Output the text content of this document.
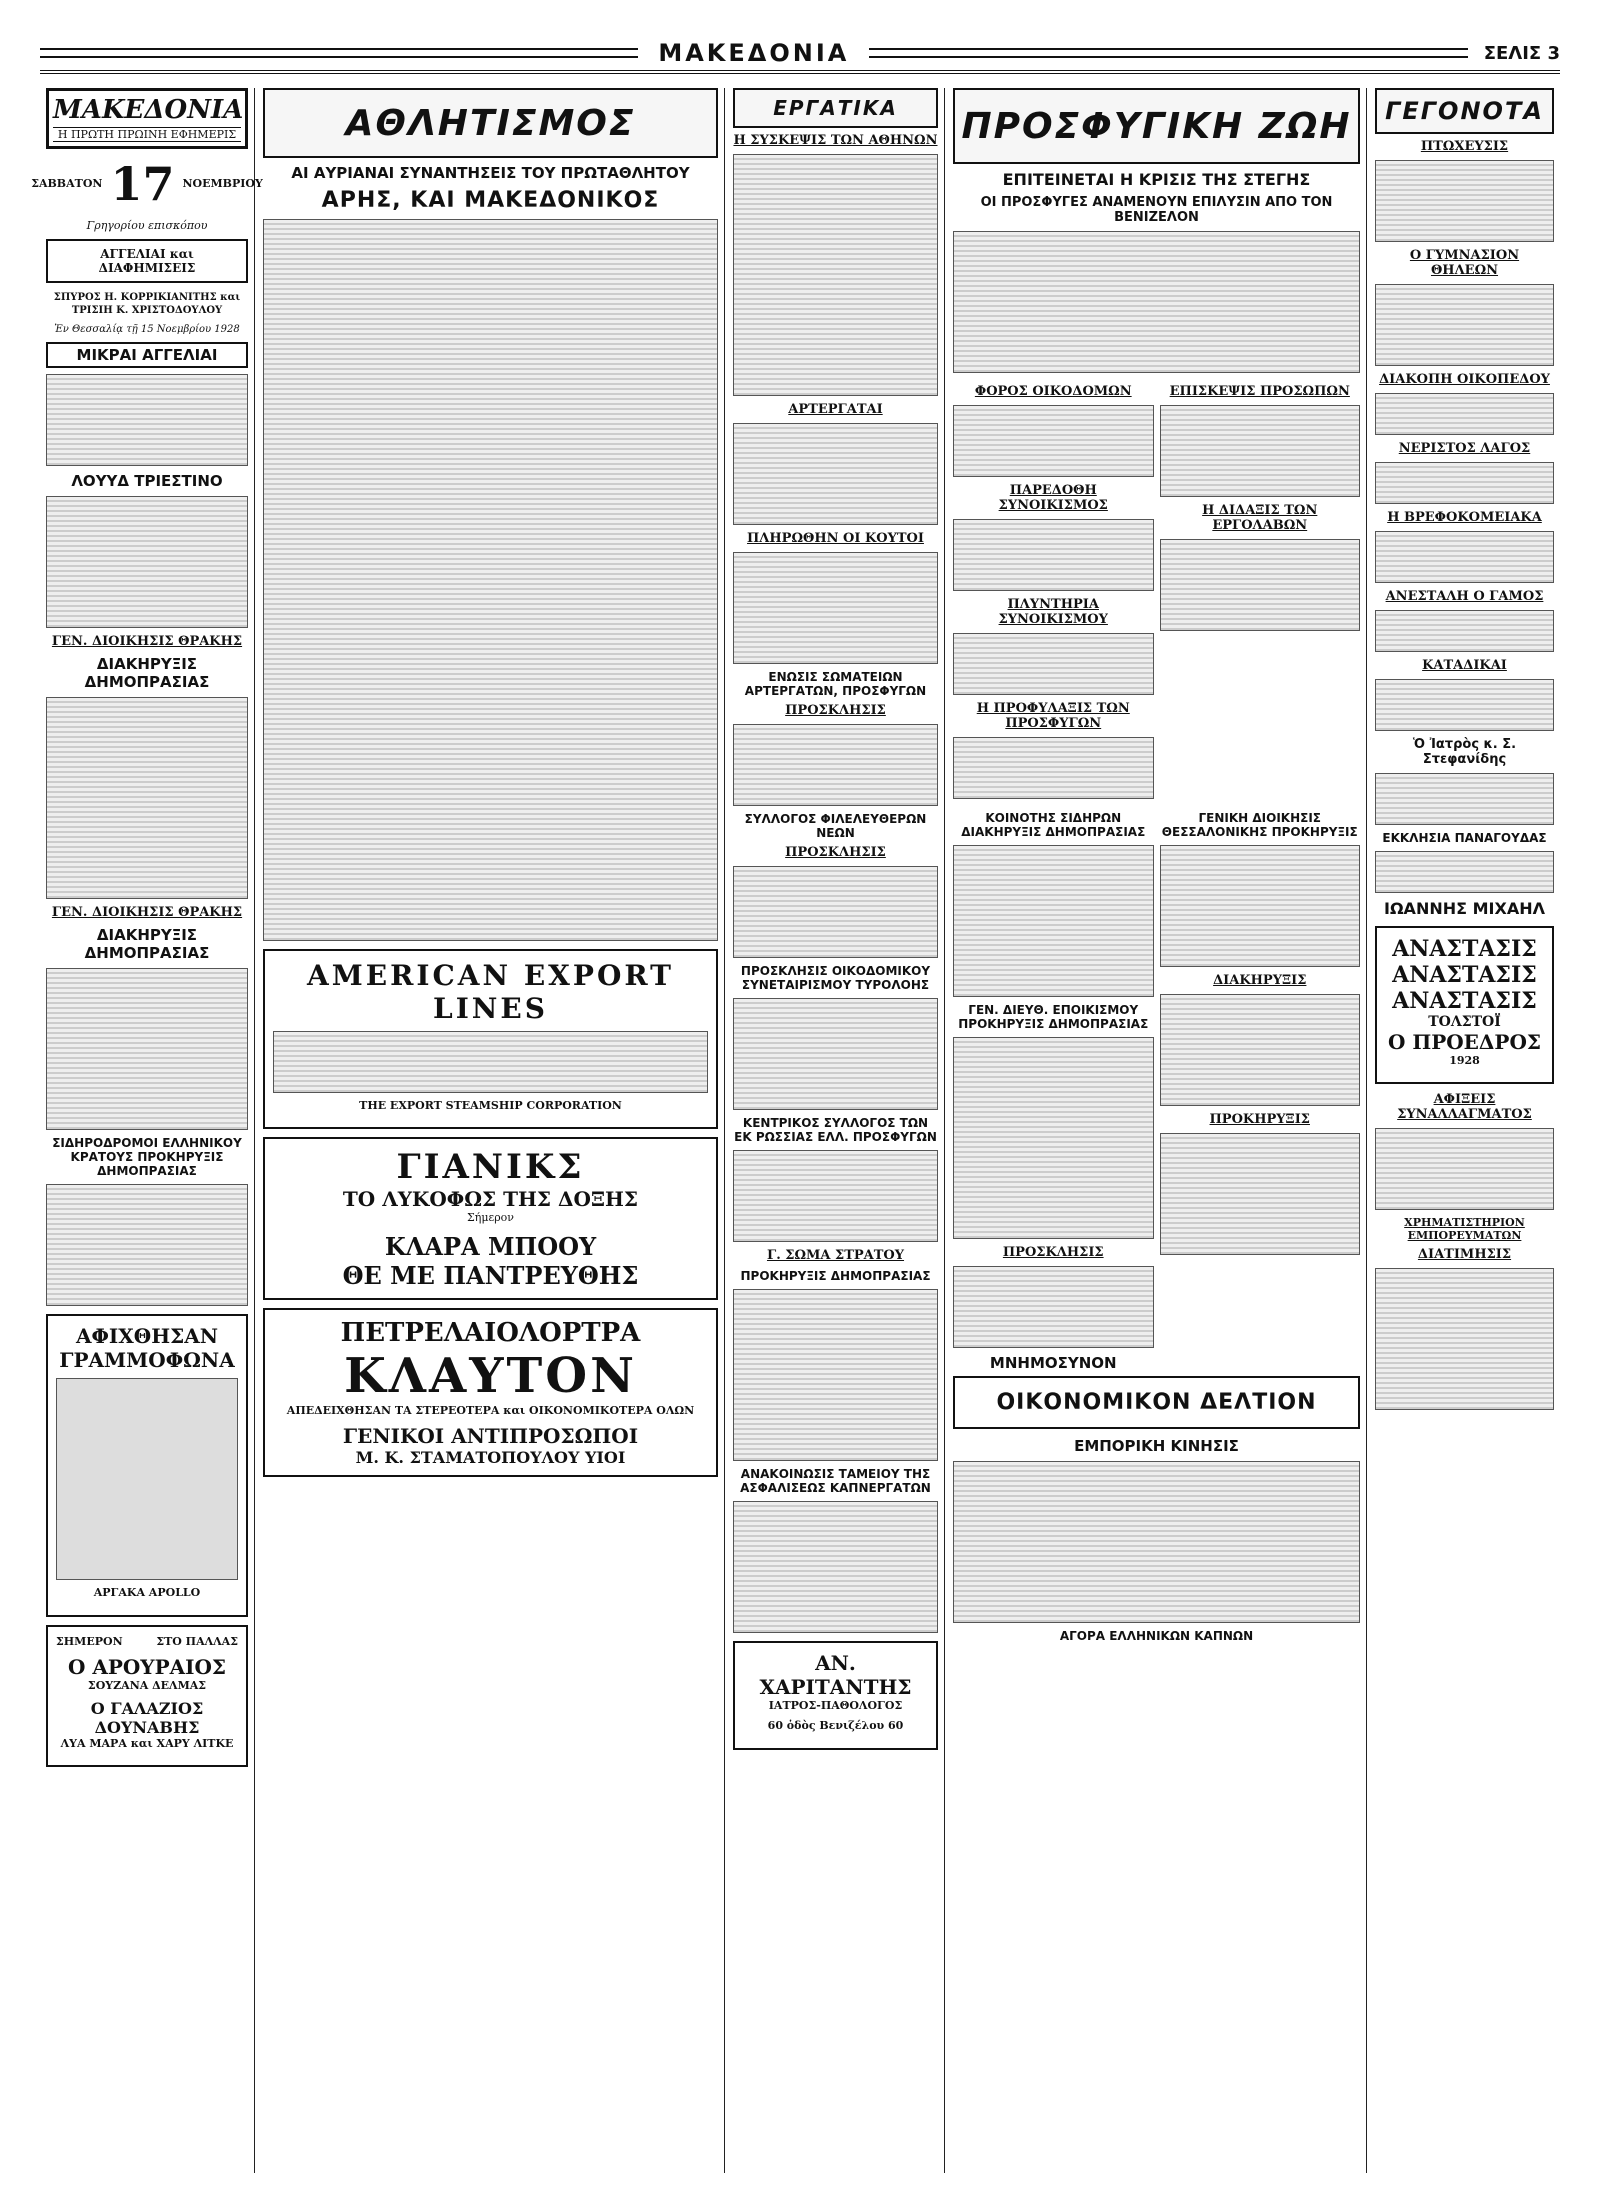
ΜΑΚΕΔΟΝΙΑ	ΣΕΛΙΣ 3
ΜΑΚΕΔΟΝΙΑ
Η ΠΡΩΤΗ ΠΡΩΙΝΗ ΕΦΗΜΕΡΙΣ
ΣΑΒΒΑΤΟΝ 17 ΝΟΕΜΒΡΙΟΥ
Γρηγορίου επισκόπου
ΑΓΓΕΛΙΑΙ και ΔΙΑΦΗΜΙΣΕΙΣ
ΣΠΥΡΟΣ Η. ΚΟΡΡΙΚΙΑΝΙΤΗΣ και ΤΡΙΣΙΗ Κ. ΧΡΙΣΤΟΔΟΥΛΟΥ
Ἐν Θεσσαλίᾳ τῇ 15 Νοεμβρίου 1928
ΜΙΚΡΑΙ ΑΓΓΕΛΙΑΙ
ΛΟΥΥΔ ΤΡΙΕΣΤΙΝΟ
ΓΕΝ. ΔΙΟΙΚΗΣΙΣ ΘΡΑΚΗΣ
ΔΙΑΚΗΡΥΞΙΣ ΔΗΜΟΠΡΑΣΙΑΣ
ΓΕΝ. ΔΙΟΙΚΗΣΙΣ ΘΡΑΚΗΣ
ΔΙΑΚΗΡΥΞΙΣ ΔΗΜΟΠΡΑΣΙΑΣ
ΣΙΔΗΡΟΔΡΟΜΟΙ ΕΛΛΗΝΙΚΟΥ ΚΡΑΤΟΥΣ ΠΡΟΚΗΡΥΞΙΣ ΔΗΜΟΠΡΑΣΙΑΣ
ΑΦΙΧΘΗΣΑΝ ΓΡΑΜΜΟΦΩΝΑ
ΑΡΓΑΚΑ APOLLO
ΣΗΜΕΡΟΝ	ΣΤΟ ΠΑΛΛΑΣ
Ο ΑΡΟΥΡΑΙΟΣ
ΣΟΥΖΑΝΑ ΔΕΛΜΑΣ
Ο ΓΑΛΑΖΙΟΣ ΔΟΥΝΑΒΗΣ
ΛΥΑ ΜΑΡΑ και ΧΑΡΥ ΛΙΤΚΕ
ΑΘΛΗΤΙΣΜΟΣ
ΑΙ ΑΥΡΙΑΝΑΙ ΣΥΝΑΝΤΗΣΕΙΣ ΤΟΥ ΠΡΩΤΑΘΛΗΤΟΥ
ΑΡΗΣ, ΚΑΙ ΜΑΚΕΔΟΝΙΚΟΣ
AMERICAN EXPORT LINES
THE EXPORT STEAMSHIP CORPORATION
ΓΙΑΝΙΚΣ
ΤΟ ΛΥΚΟΦΩΣ ΤΗΣ ΔΟΞΗΣ
Σήμερον
ΚΛΑΡΑ ΜΠΟΟΥ
ΘΕ ΜΕ ΠΑΝΤΡΕΥΘΗΣ
ΠΕΤΡΕΛΑΙΟΛΟΡΤΡΑ
ΚΛΑΥΤΟΝ
ΑΠΕΔΕΙΧΘΗΣΑΝ ΤΑ ΣΤΕΡΕΟΤΕΡΑ και ΟΙΚΟΝΟΜΙΚΟΤΕΡΑ ΟΛΩΝ
ΓΕΝΙΚΟΙ ΑΝΤΙΠΡΟΣΩΠΟΙ
Μ. Κ. ΣΤΑΜΑΤΟΠΟΥΛΟΥ ΥΙΟΙ
ΕΡΓΑΤΙΚΑ
Η ΣΥΣΚΕΨΙΣ ΤΩΝ ΑΘΗΝΩΝ
ΑΡΤΕΡΓΑΤΑΙ
ΠΛΗΡΩΘΗΝ ΟΙ ΚΟΥΤΟΙ
ΕΝΩΣΙΣ ΣΩΜΑΤΕΙΩΝ ΑΡΤΕΡΓΑΤΩΝ, ΠΡΟΣΦΥΓΩΝ
ΠΡΟΣΚΛΗΣΙΣ
ΣΥΛΛΟΓΟΣ ΦΙΛΕΛΕΥΘΕΡΩΝ ΝΕΩΝ
ΠΡΟΣΚΛΗΣΙΣ
ΠΡΟΣΚΛΗΣΙΣ ΟΙΚΟΔΟΜΙΚΟΥ ΣΥΝΕΤΑΙΡΙΣΜΟΥ ΤΥΡΟΛΟΗΣ
ΚΕΝΤΡΙΚΟΣ ΣΥΛΛΟΓΟΣ ΤΩΝ ΕΚ ΡΩΣΣΙΑΣ ΕΛΛ. ΠΡΟΣΦΥΓΩΝ
Γ. ΣΩΜΑ ΣΤΡΑΤΟΥ
ΠΡΟΚΗΡΥΞΙΣ ΔΗΜΟΠΡΑΣΙΑΣ
ΑΝΑΚΟΙΝΩΣΙΣ ΤΑΜΕΙΟΥ ΤΗΣ ΑΣΦΑΛΙΣΕΩΣ ΚΑΠΝΕΡΓΑΤΩΝ
ΑΝ. ΧΑΡΙΤΑΝΤΗΣ
ΙΑΤΡΟΣ-ΠΑΘΟΛΟΓΟΣ
60 ὁδὸς Βενιζέλου 60
ΠΡΟΣΦΥΓΙΚΗ ΖΩΗ
ΕΠΙΤΕΙΝΕΤΑΙ Η ΚΡΙΣΙΣ ΤΗΣ ΣΤΕΓΗΣ
ΟΙ ΠΡΟΣΦΥΓΕΣ ΑΝΑΜΕΝΟΥΝ ΕΠΙΛΥΣΙΝ ΑΠΟ ΤΟΝ ΒΕΝΙΖΕΛΟΝ
ΦΟΡΟΣ ΟΙΚΟΔΟΜΩΝ
ΠΑΡΕΔΟΘΗ ΣΥΝΟΙΚΙΣΜΟΣ
ΠΛΥΝΤΗΡΙΑ ΣΥΝΟΙΚΙΣΜΟΥ
Η ΠΡΟΦΥΛΑΞΙΣ ΤΩΝ ΠΡΟΣΦΥΓΩΝ
ΕΠΙΣΚΕΨΙΣ ΠΡΟΣΩΠΩΝ
Η ΔΙΔΑΞΙΣ ΤΩΝ ΕΡΓΟΛΑΒΩΝ
ΚΟΙΝΟΤΗΣ ΣΙΔΗΡΩΝ ΔΙΑΚΗΡΥΞΙΣ ΔΗΜΟΠΡΑΣΙΑΣ
ΓΕΝ. ΔΙΕΥΘ. ΕΠΟΙΚΙΣΜΟΥ ΠΡΟΚΗΡΥΞΙΣ ΔΗΜΟΠΡΑΣΙΑΣ
ΠΡΟΣΚΛΗΣΙΣ
ΜΝΗΜΟΣΥΝΟΝ
ΓΕΝΙΚΗ ΔΙΟΙΚΗΣΙΣ ΘΕΣΣΑΛΟΝΙΚΗΣ ΠΡΟΚΗΡΥΞΙΣ
ΔΙΑΚΗΡΥΞΙΣ
ΠΡΟΚΗΡΥΞΙΣ
ΟΙΚΟΝΟΜΙΚΟΝ ΔΕΛΤΙΟΝ
ΕΜΠΟΡΙΚΗ ΚΙΝΗΣΙΣ
ΑΓΟΡΑ ΕΛΛΗΝΙΚΩΝ ΚΑΠΝΩΝ
ΓΕΓΟΝΟΤΑ
ΠΤΩΧΕΥΣΙΣ
Ο ΓΥΜΝΑΣΙΟΝ ΘΗΛΕΩΝ
ΔΙΑΚΟΠΗ ΟΙΚΟΠΕΔΟΥ
ΝΕΡΙΣΤΟΣ ΛΑΓΟΣ
Η ΒΡΕΦΟΚΟΜΕΙΑΚΑ
ΑΝΕΣΤΑΛΗ Ο ΓΑΜΟΣ
ΚΑΤΑΔΙΚΑΙ
Ὁ Ἰατρὸς κ. Σ. Στεφανίδης
ΕΚΚΛΗΣΙΑ ΠΑΝΑΓΟΥΔΑΣ
ΙΩΑΝΝΗΣ ΜΙΧΑΗΛ
ΑΝΑΣΤΑΣΙΣ
ΑΝΑΣΤΑΣΙΣ
ΑΝΑΣΤΑΣΙΣ
ΤΟΛΣΤΟΪ
Ο ΠΡΟΕΔΡΟΣ
1928
ΑΦΙΞΕΙΣ ΣΥΝΑΛΛΑΓΜΑΤΟΣ
ΧΡΗΜΑΤΙΣΤΗΡΙΟΝ ΕΜΠΟΡΕΥΜΑΤΩΝ
ΔΙΑΤΙΜΗΣΙΣ
